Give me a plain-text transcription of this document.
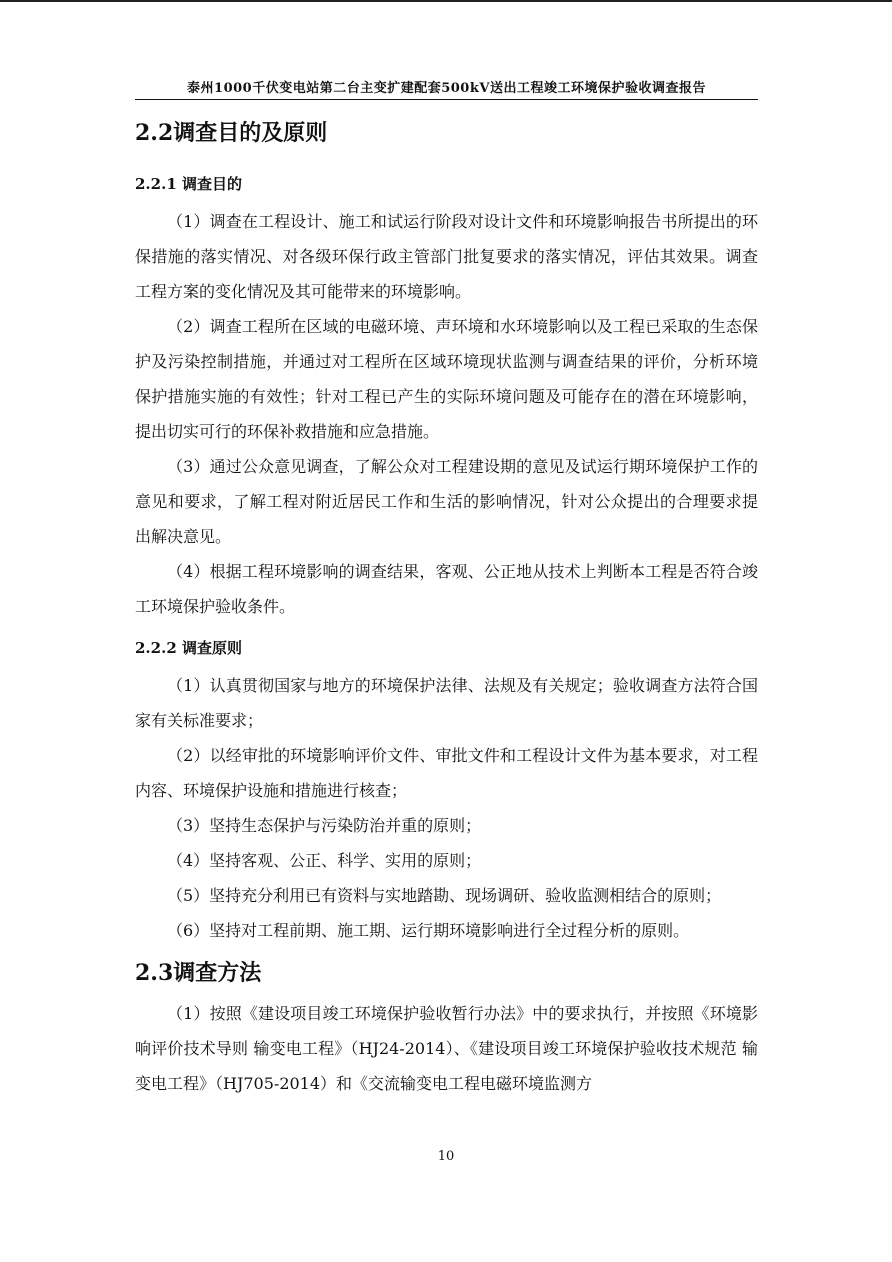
泰州1000千伏变电站第二台主变扩建配套500kV送出工程竣工环境保护验收调查报告
2.2调查目的及原则
2.2.1 调查目的

（1）调查在工程设计、施工和试运行阶段对设计文件和环境影响报告书所提出的环保措施的落实情况、对各级环保行政主管部门批复要求的落实情况，评估其效果。调查工程方案的变化情况及其可能带来的环境影响。

（2）调查工程所在区域的电磁环境、声环境和水环境影响以及工程已采取的生态保护及污染控制措施，并通过对工程所在区域环境现状监测与调查结果的评价，分析环境保护措施实施的有效性；针对工程已产生的实际环境问题及可能存在的潜在环境影响，提出切实可行的环保补救措施和应急措施。

（3）通过公众意见调查，了解公众对工程建设期的意见及试运行期环境保护工作的意见和要求，了解工程对附近居民工作和生活的影响情况，针对公众提出的合理要求提出解决意见。

（4）根据工程环境影响的调查结果，客观、公正地从技术上判断本工程是否符合竣工环境保护验收条件。

2.2.2 调查原则

（1）认真贯彻国家与地方的环境保护法律、法规及有关规定；验收调查方法符合国家有关标准要求；

（2）以经审批的环境影响评价文件、审批文件和工程设计文件为基本要求，对工程内容、环境保护设施和措施进行核查；

（3）坚持生态保护与污染防治并重的原则；

（4）坚持客观、公正、科学、实用的原则；

（5）坚持充分利用已有资料与实地踏勘、现场调研、验收监测相结合的原则；

（6）坚持对工程前期、施工期、运行期环境影响进行全过程分析的原则。

2.3调查方法

（1）按照《建设项目竣工环境保护验收暂行办法》中的要求执行，并按照《环境影响评价技术导则 输变电工程》（HJ24-2014）、《建设项目竣工环境保护验收技术规范 输变电工程》（HJ705-2014）和《交流输变电工程电磁环境监测方

10
